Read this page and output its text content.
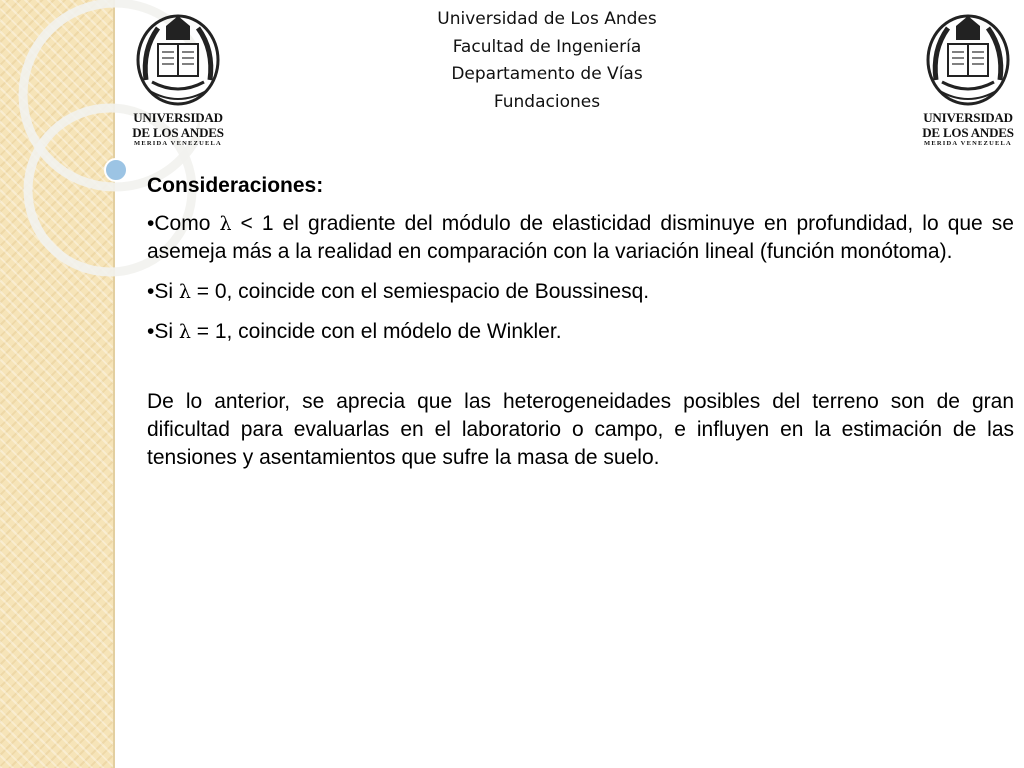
UNIVERSIDAD
DE LOS ANDES
MERIDA VENEZUELA
UNIVERSIDAD
DE LOS ANDES
MERIDA VENEZUELA
Universidad de Los Andes
Facultad de Ingeniería
Departamento de Vías
Fundaciones

Consideraciones:

•Como λ < 1 el gradiente del módulo de elasticidad disminuye en profundidad, lo que se asemeja más a la realidad en comparación con la variación lineal (función monótoma).

•Si λ = 0, coincide con el semiespacio de Boussinesq.

•Si λ = 1, coincide con el módelo de Winkler.

De lo anterior, se aprecia que las heterogeneidades posibles del terreno son de gran dificultad para evaluarlas en el laboratorio o campo, e influyen en la estimación de las tensiones y asentamientos que sufre la masa de suelo.
